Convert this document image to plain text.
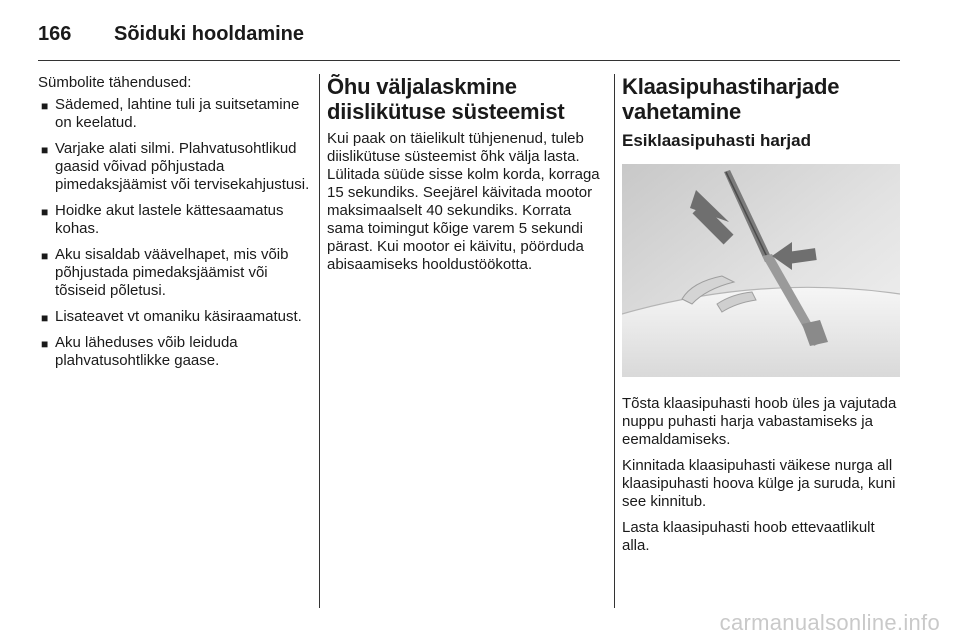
166	Sõiduki hooldamine
Sümbolite tähendused:
■ Sädemed, lahtine tuli ja suitsetamine on keelatud.
■ Varjake alati silmi. Plahvatusohtlikud gaasid võivad põhjustada pimedaksjäämist või tervisekahjustusi.
■ Hoidke akut lastele kättesaamatus kohas.
■ Aku sisaldab väävelhapet, mis võib põhjustada pimedaksjäämist või tõsiseid põletusi.
■ Lisateavet vt omaniku käsiraamatust.
■ Aku läheduses võib leiduda plahvatusohtlikke gaase.
Õhu väljalaskmine diislikütuse süsteemist

Kui paak on täielikult tühjenenud, tuleb diislikütuse süsteemist õhk välja lasta. Lülitada süüde sisse kolm korda, korraga 15 sekundiks. Seejärel käivitada mootor maksimaalselt 40 sekundiks. Korrata sama toimingut kõige varem 5 sekundi pärast. Kui mootor ei käivitu, pöörduda abisaamiseks hooldustöökotta.

Klaasipuhastiharjade vahetamine
Esiklaasipuhasti harjad

Tõsta klaasipuhasti hoob üles ja vajutada nuppu puhasti harja vabastamiseks ja eemaldamiseks.

Kinnitada klaasipuhasti väikese nurga all klaasipuhasti hoova külge ja suruda, kuni see kinnitub.

Lasta klaasipuhasti hoob ettevaatlikult alla.

carmanualsonline.info
